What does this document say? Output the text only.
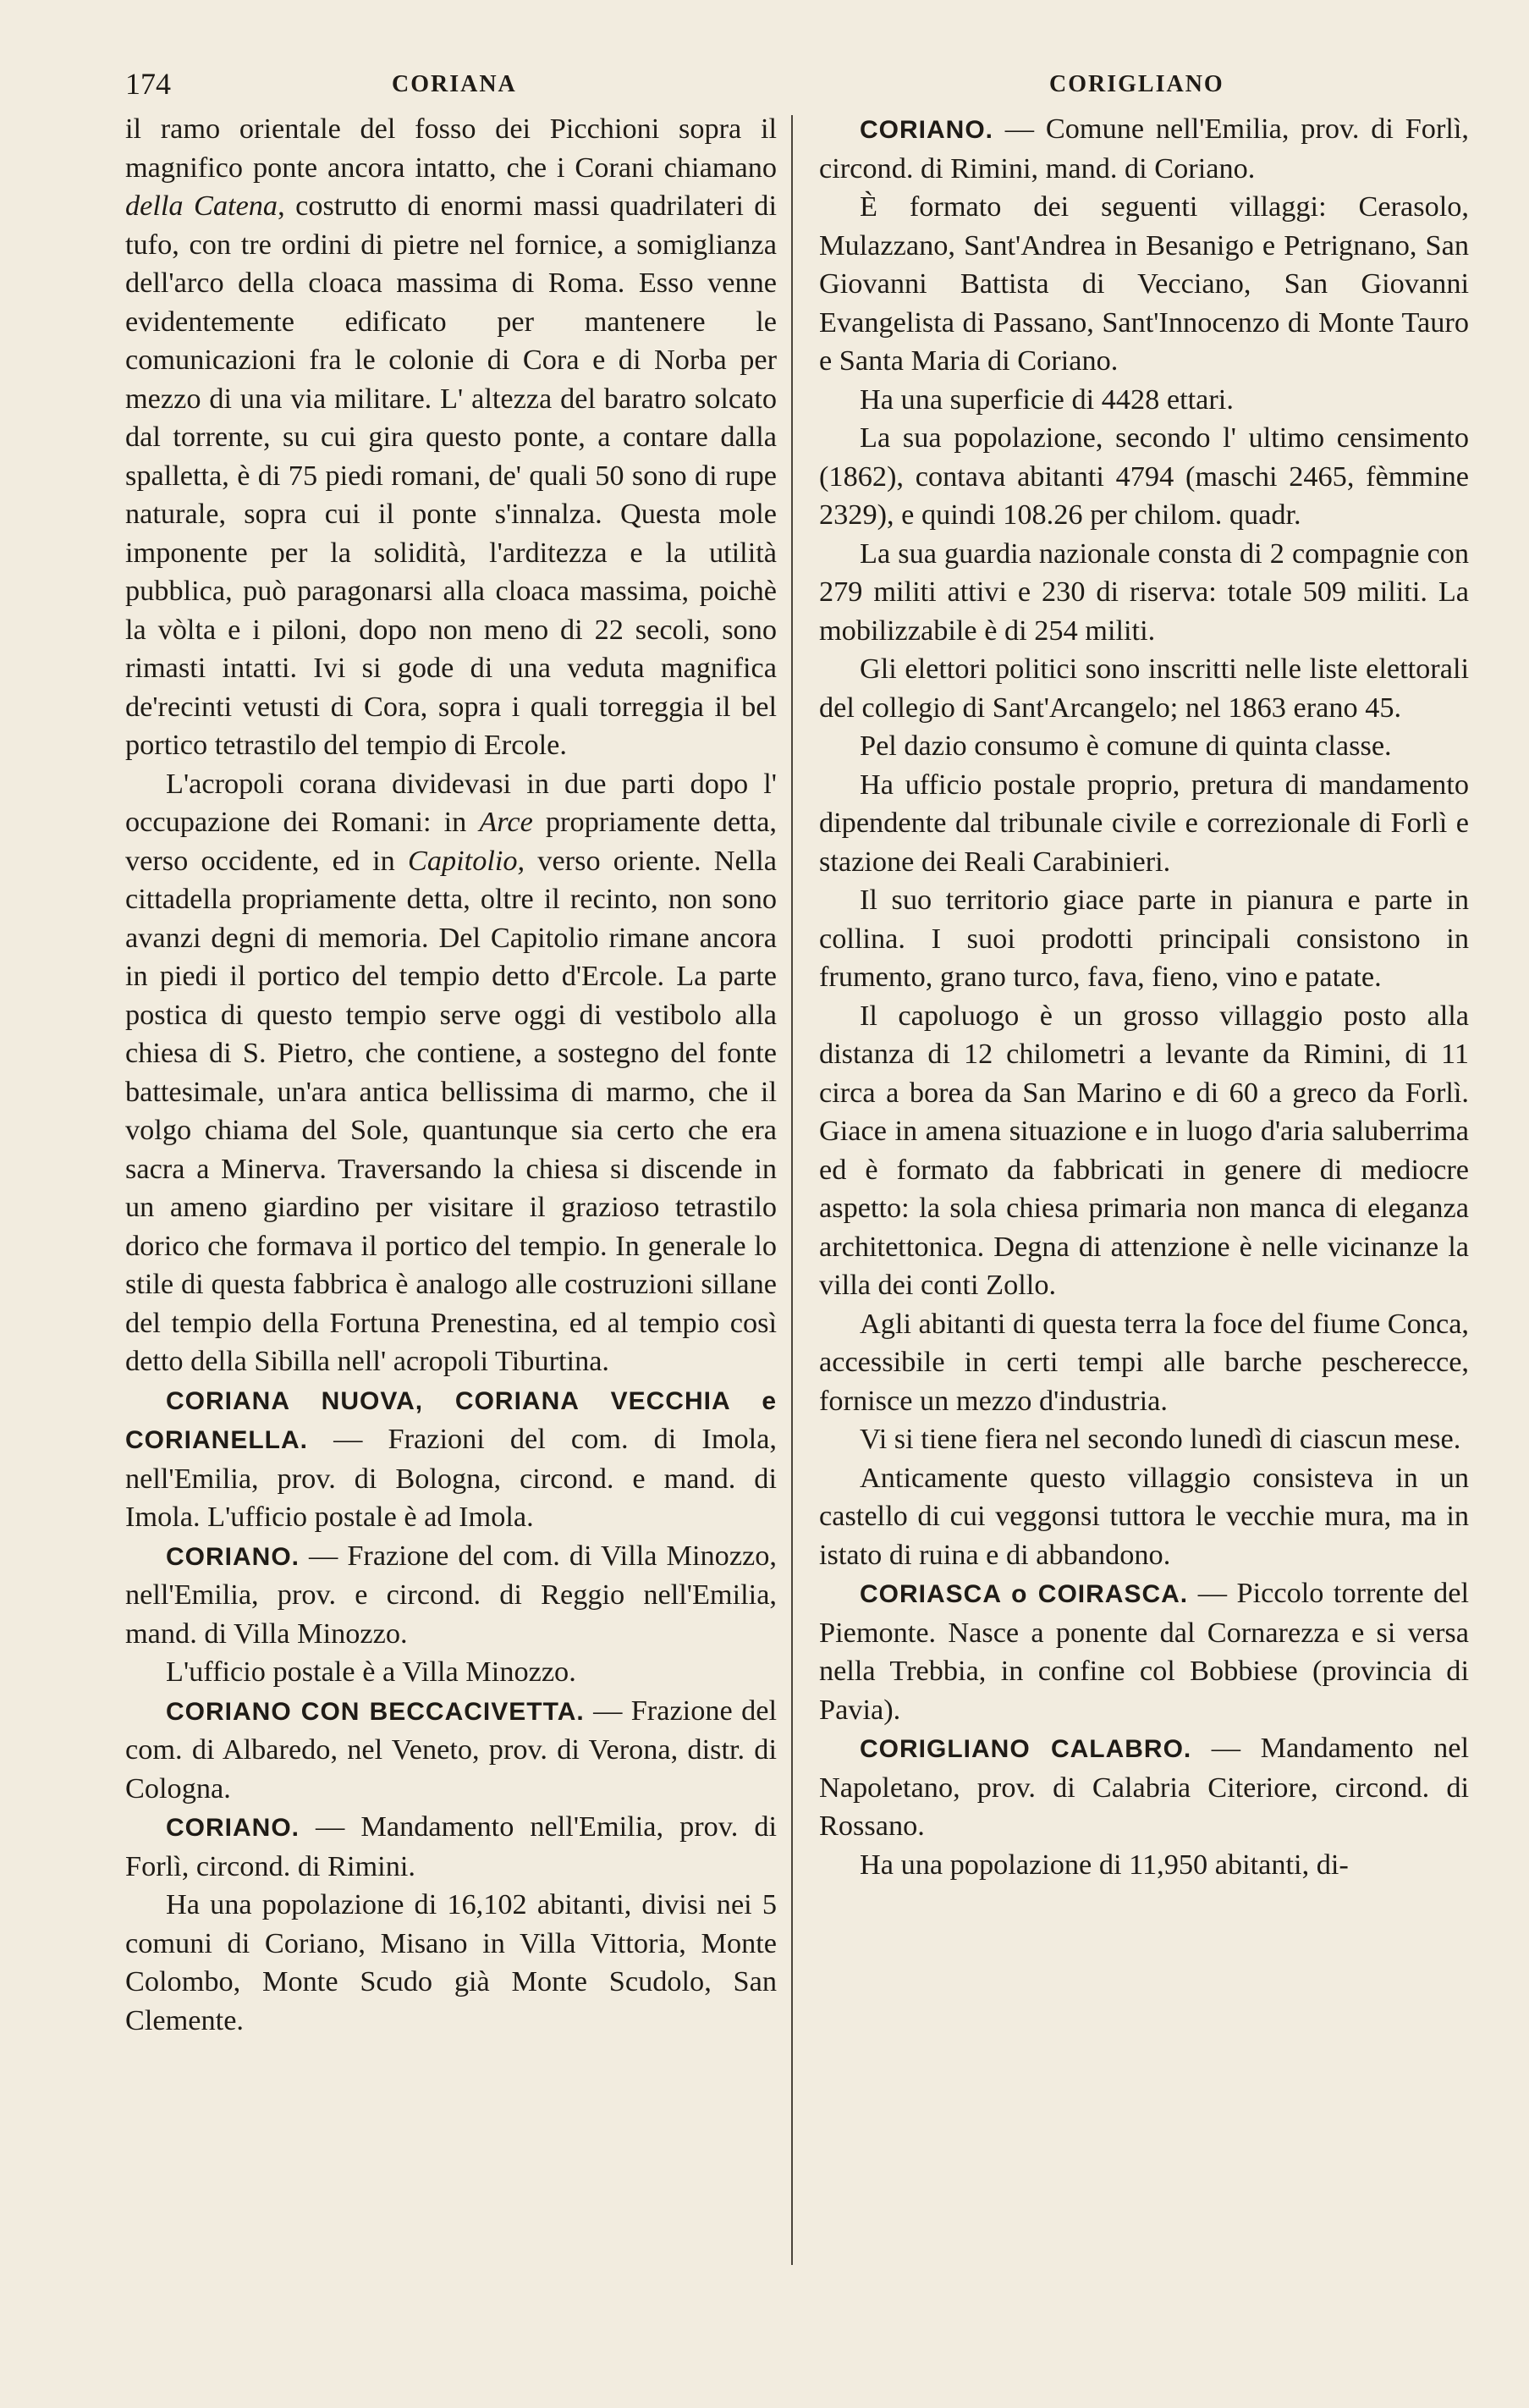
174	CORIANA	CORIGLIANO

il ramo orientale del fosso dei Picchioni sopra il magnifico ponte ancora intatto, che i Corani chiamano della Catena, costrutto di enormi massi quadrilateri di tufo, con tre ordini di pietre nel fornice, a somiglianza dell'arco della cloaca massima di Roma. Esso venne evidentemente edificato per mantenere le comunicazioni fra le colonie di Cora e di Norba per mezzo di una via militare. L' altezza del baratro solcato dal torrente, su cui gira questo ponte, a contare dalla spalletta, è di 75 piedi romani, de' quali 50 sono di rupe naturale, sopra cui il ponte s'innalza. Questa mole imponente per la solidità, l'arditezza e la utilità pubblica, può paragonarsi alla cloaca massima, poichè la vòlta e i piloni, dopo non meno di 22 secoli, sono rimasti intatti. Ivi si gode di una veduta magnifica de'recinti vetusti di Cora, sopra i quali torreggia il bel portico tetrastilo del tempio di Ercole.

L'acropoli corana dividevasi in due parti dopo l' occupazione dei Romani: in Arce propriamente detta, verso occidente, ed in Capitolio, verso oriente. Nella cittadella propriamente detta, oltre il recinto, non sono avanzi degni di memoria. Del Capitolio rimane ancora in piedi il portico del tempio detto d'Ercole. La parte postica di questo tempio serve oggi di vestibolo alla chiesa di S. Pietro, che contiene, a sostegno del fonte battesimale, un'ara antica bellissima di marmo, che il volgo chiama del Sole, quantunque sia certo che era sacra a Minerva. Traversando la chiesa si discende in un ameno giardino per visitare il grazioso tetrastilo dorico che formava il portico del tempio. In generale lo stile di questa fabbrica è analogo alle costruzioni sillane del tempio della Fortuna Prenestina, ed al tempio così detto della Sibilla nell' acropoli Tiburtina.

CORIANA NUOVA, CORIANA VECCHIA e CORIANELLA. — Frazioni del com. di Imola, nell'Emilia, prov. di Bologna, circond. e mand. di Imola. L'ufficio postale è ad Imola.

CORIANO. — Frazione del com. di Villa Minozzo, nell'Emilia, prov. e circond. di Reggio nell'Emilia, mand. di Villa Minozzo.

L'ufficio postale è a Villa Minozzo.

CORIANO CON BECCACIVETTA. — Frazione del com. di Albaredo, nel Veneto, prov. di Verona, distr. di Cologna.

CORIANO. — Mandamento nell'Emilia, prov. di Forlì, circond. di Rimini.

Ha una popolazione di 16,102 abitanti, divisi nei 5 comuni di Coriano, Misano in Villa Vittoria, Monte Colombo, Monte Scudo già Monte Scudolo, San Clemente.

CORIANO. — Comune nell'Emilia, prov. di Forlì, circond. di Rimini, mand. di Coriano.

È formato dei seguenti villaggi: Cerasolo, Mulazzano, Sant'Andrea in Besanigo e Petrignano, San Giovanni Battista di Vecciano, San Giovanni Evangelista di Passano, Sant'Innocenzo di Monte Tauro e Santa Maria di Coriano.

Ha una superficie di 4428 ettari.

La sua popolazione, secondo l' ultimo censimento (1862), contava abitanti 4794 (maschi 2465, fèmmine 2329), e quindi 108.26 per chilom. quadr.

La sua guardia nazionale consta di 2 compagnie con 279 militi attivi e 230 di riserva: totale 509 militi. La mobilizzabile è di 254 militi.

Gli elettori politici sono inscritti nelle liste elettorali del collegio di Sant'Arcangelo; nel 1863 erano 45.

Pel dazio consumo è comune di quinta classe.

Ha ufficio postale proprio, pretura di mandamento dipendente dal tribunale civile e correzionale di Forlì e stazione dei Reali Carabinieri.

Il suo territorio giace parte in pianura e parte in collina. I suoi prodotti principali consistono in frumento, grano turco, fava, fieno, vino e patate.

Il capoluogo è un grosso villaggio posto alla distanza di 12 chilometri a levante da Rimini, di 11 circa a borea da San Marino e di 60 a greco da Forlì. Giace in amena situazione e in luogo d'aria saluberrima ed è formato da fabbricati in genere di mediocre aspetto: la sola chiesa primaria non manca di eleganza architettonica. Degna di attenzione è nelle vicinanze la villa dei conti Zollo.

Agli abitanti di questa terra la foce del fiume Conca, accessibile in certi tempi alle barche pescherecce, fornisce un mezzo d'industria.

Vi si tiene fiera nel secondo lunedì di ciascun mese.

Anticamente questo villaggio consisteva in un castello di cui veggonsi tuttora le vecchie mura, ma in istato di ruina e di abbandono.

CORIASCA o COIRASCA. — Piccolo torrente del Piemonte. Nasce a ponente dal Cornarezza e si versa nella Trebbia, in confine col Bobbiese (provincia di Pavia).

CORIGLIANO CALABRO. — Mandamento nel Napoletano, prov. di Calabria Citeriore, circond. di Rossano.

Ha una popolazione di 11,950 abitanti, di-
